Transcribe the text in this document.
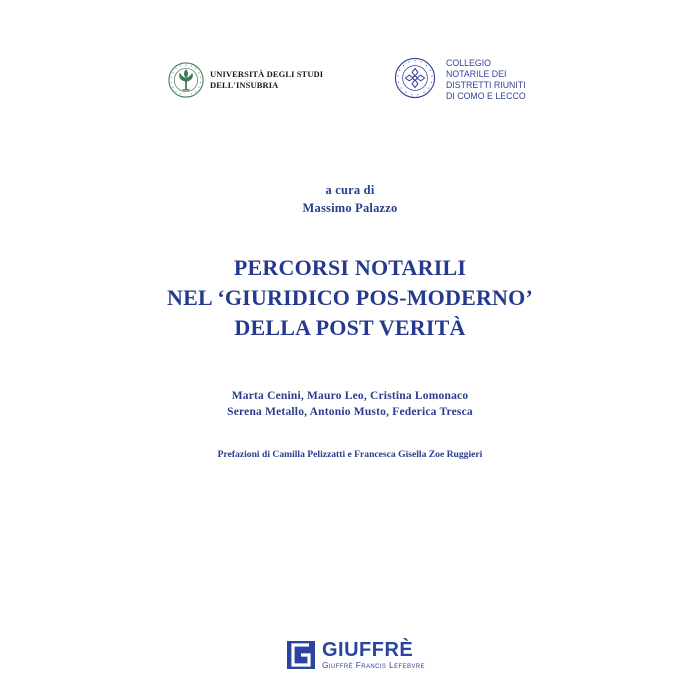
UNIVERSITÀ DEGLI STUDI
DELL'INSUBRIA
COLLEGIO
NOTARILE DEI
DISTRETTI RIUNITI
DI COMO E LECCO
a cura di
Massimo Palazzo
PERCORSI NOTARILI
NEL ‘GIURIDICO POS-MODERNO’
DELLA POST VERITÀ
Marta Cenini, Mauro Leo, Cristina Lomonaco
Serena Metallo, Antonio Musto, Federica Tresca
Prefazioni di Camilla Pelizzatti e Francesca Gisella Zoe Ruggieri
GIUFFRÈ
Giuffrè Francis Lefebvre
